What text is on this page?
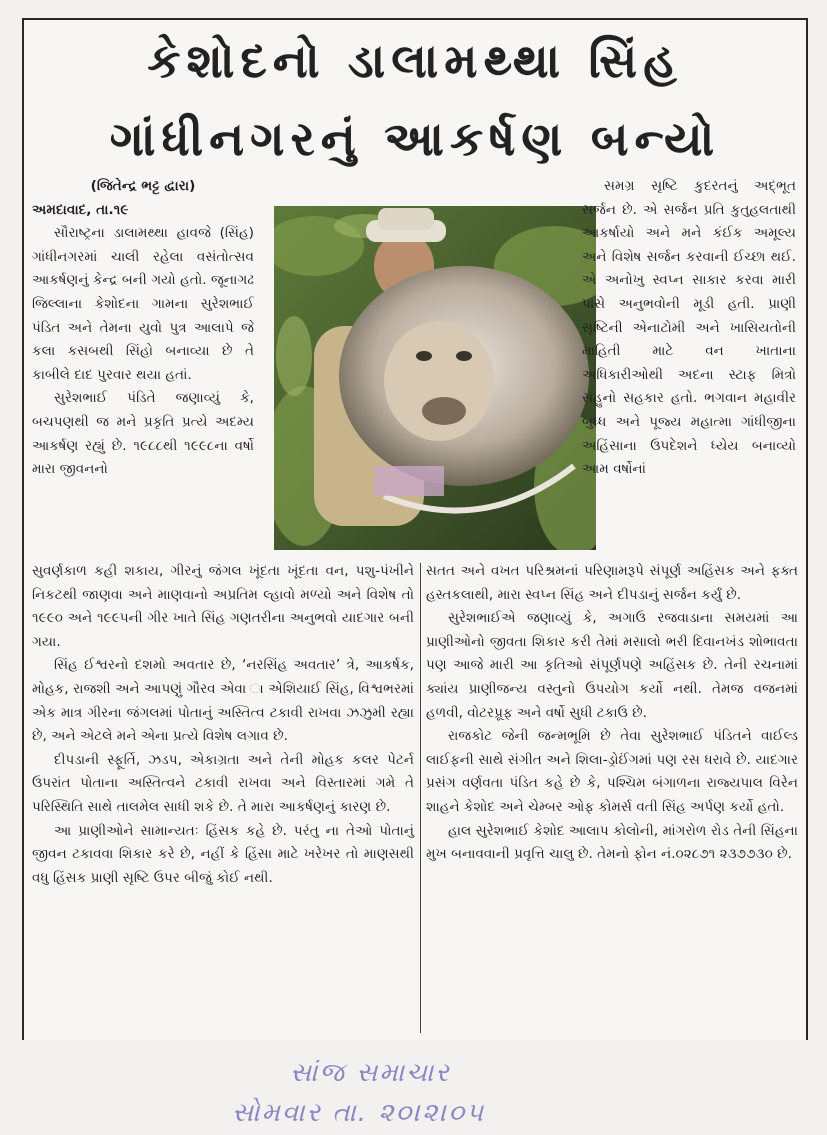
કેશોદનો ડાલામથ્થા સિંહ
ગાંધીનગરનું આકર્ષણ બન્યો

(જિતેન્દ્ર ભટ્ટ દ્વારા)

અમદાવાદ, તા.૧૯

સૌરાષ્ટ્રના ડાલામથ્થા હાવજે (સિંહ) ગાંધીનગરમાં ચાલી રહેલા વસંતોત્સવ આકર્ષણનું કેન્દ્ર બની ગયો હતો. જૂનાગઢ જિલ્લાના કેશોદના ગામના સુરેશભાઈ પંડિત અને તેમના યુવો પુત્ર આલાપે જે કલા કસબથી સિંહો બનાવ્યા છે તે કાબીલે દાદ પુરવાર થયા હતાં.

સુરેશભાઈ પંડિતે જણાવ્યું કે, બચપણથી જ મને પ્રકૃતિ પ્રત્યે અદમ્ય આકર્ષણ રહ્યું છે. ૧૯૮૮થી ૧૯૯૮ના વર્ષો મારા જીવનનો

સમગ્ર સૃષ્ટિ કુદરતનું અદ્ભૂત સર્જન છે. એ સર્જન પ્રતિ કુતુહલતાથી આકર્ષાયો અને મને કંઈક અમૂલ્ય અને વિશેષ સર્જન કરવાની ઈચ્છા થઈ. એ અનોખુ સ્વપ્ન સાકાર કરવા મારી પાસે અનુભવોની મૂડી હતી. પ્રાણી સૃષ્ટિની એનાટોમી અને ખાસિયતોની માહિતી માટે વન ખાતાના અધિકારીઓથી અદના સ્ટાફ મિત્રો સહુનો સહકાર હતો. ભગવાન મહાવીર બુધ્ધ અને પૂજ્ય મહાત્મા ગાંધીજીના અહિંસાના ઉપદેશને ધ્યેય બનાવ્યો આમ વર્ષોનાં

સુવર્ણકાળ કહી શકાય, ગીરનું જંગલ ખૂંદતા ખૂંદતા વન, પશુ-પંખીને નિકટથી જાણવા અને માણવાનો અપ્રતિમ લ્હાવો મળ્યો અને વિશેષ તો ૧૯૯૦ અને ૧૯૯૫ની ગીર ખાતે સિંહ ગણતરીના અનુભવો યાદગાર બની ગયા.

સિંહ ઈશ્વરનો દશમો અવતાર છે, ‘નરસિંહ અવતાર’ ત્રે, આકર્ષક, મોહક, રાજશી અને આપણું ગૌરવ એવા ા એશિયાઈ સિંહ, વિશ્વભરમાં એક માત્ર ગીરના જંગલમાં પોતાનું અસ્તિત્વ ટકાવી રાખવા ઝઝુમી રહ્યા છે, અને એટલે મને એના પ્રત્યે વિશેષ લગાવ છે.

દીપડાની સ્ફૂર્તિ, ઝડપ, એકાગ્રતા અને તેની મોહક કલર પેટર્ન ઉપરાંત પોતાના અસ્તિત્વને ટકાવી રાખવા અને વિસ્તારમાં ગમે તે પરિસ્થિતિ સાથે તાલમેલ સાધી શકે છે. તે મારા આકર્ષણનું કારણ છે.

આ પ્રાણીઓને સામાન્યતઃ હિંસક કહે છે. પરંતુ ના તેઓ પોતાનું જીવન ટકાવવા શિકાર કરે છે, નહીં કે હિંસા માટે ખરેખર તો માણસથી વધુ હિંસક પ્રાણી સૃષ્ટિ ઉપર બીજું કોઈ નથી.

સતત અને વખત પરિશ્રમનાં પરિણામરૂપે સંપૂર્ણ અહિંસક અને ફક્ત હસ્તકલાથી, મારા સ્વપ્ન સિંહ અને દીપડાનું સર્જન કર્યું છે.

સુરેશભાઈએ જણાવ્યું કે, અગાઉ રજવાડાના સમયમાં આ પ્રાણીઓનો જીવતા શિકાર કરી તેમાં મસાલો ભરી દિવાનખંડ શોભાવતા પણ આજે મારી આ કૃતિઓ સંપૂર્ણપણે અહિંસક છે. તેની રચનામાં ક્યાંય પ્રાણીજન્ય વસ્તુનો ઉપયોગ કર્યો નથી. તેમજ વજનમાં હળવી, વોટરપ્રૂફ અને વર્ષો સુધી ટકાઉ છે.

રાજકોટ જેની જન્મભૂમિ છે તેવા સુરેશભાઈ પંડિતને વાઈલ્ડ લાઈફની સાથે સંગીત અને શિલા-ડ્રોઈંગમાં પણ રસ ધરાવે છે. યાદગાર પ્રસંગ વર્ણવતા પંડિત કહે છે કે, પશ્ચિમ બંગાળના રાજ્યપાલ વિરેન શાહને કેશોદ અને ચેમ્બર ઓફ કોમર્સ વતી સિંહ અર્પણ કર્યો હતો.

હાલ સુરેશભાઈ કેશોદ આલાપ કોલોની, માંગરોળ રોડ તેની સિંહના મુખ બનાવવાની પ્રવૃત્તિ ચાલુ છે. તેમનો ફોન નં.૦૨૮૭૧ ૨૩૭૭૩૦ છે.

સાંજ સમાચાર
સોમવાર તા. ૨૦।૨।૦૫
